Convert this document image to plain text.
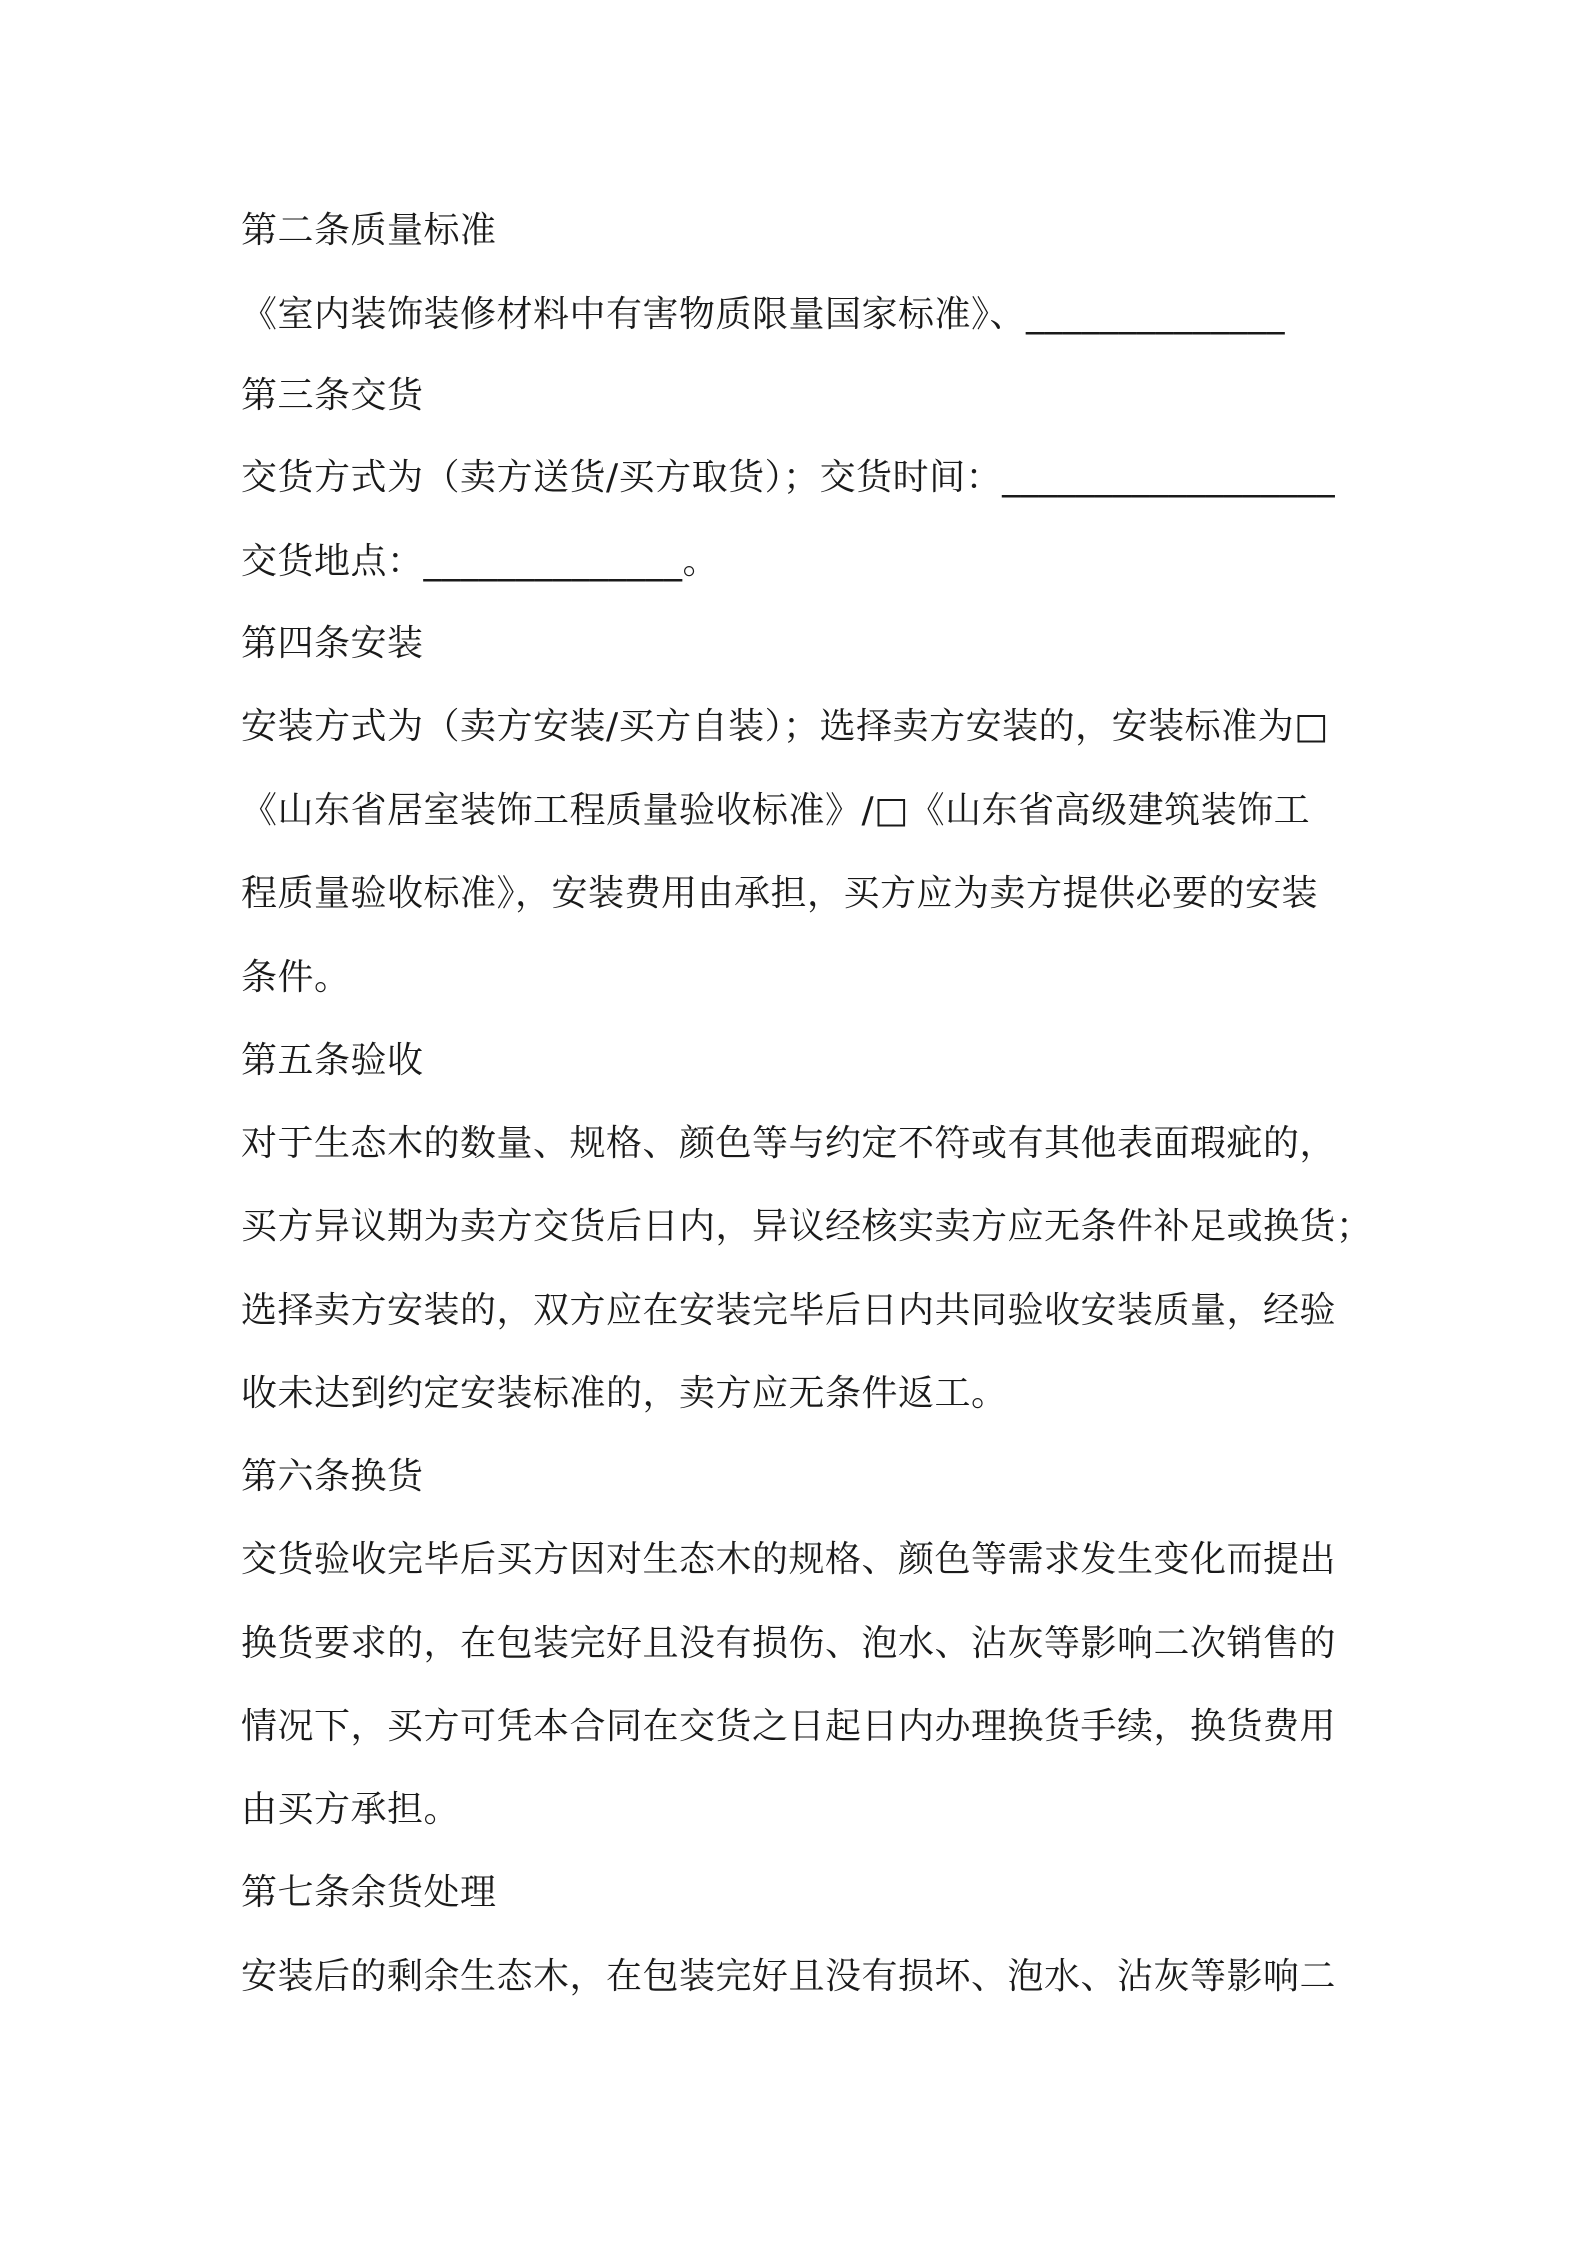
第二条质量标准
《室内装饰装修材料中有害物质限量国家标准》、______________
第三条交货
交货方式为（卖方送货/买方取货）；交货时间：__________________
交货地点：______________。
第四条安装
安装方式为（卖方安装/买方自装）；选择卖方安装的，安装标准为□
《山东省居室装饰工程质量验收标准》/□《山东省高级建筑装饰工
程质量验收标准》，安装费用由承担，买方应为卖方提供必要的安装
条件。
第五条验收
对于生态木的数量、规格、颜色等与约定不符或有其他表面瑕疵的，
买方异议期为卖方交货后日内，异议经核实卖方应无条件补足或换货；
选择卖方安装的，双方应在安装完毕后日内共同验收安装质量，经验
收未达到约定安装标准的，卖方应无条件返工。
第六条换货
交货验收完毕后买方因对生态木的规格、颜色等需求发生变化而提出
换货要求的，在包装完好且没有损伤、泡水、沾灰等影响二次销售的
情况下，买方可凭本合同在交货之日起日内办理换货手续，换货费用
由买方承担。
第七条余货处理
安装后的剩余生态木，在包装完好且没有损坏、泡水、沾灰等影响二
